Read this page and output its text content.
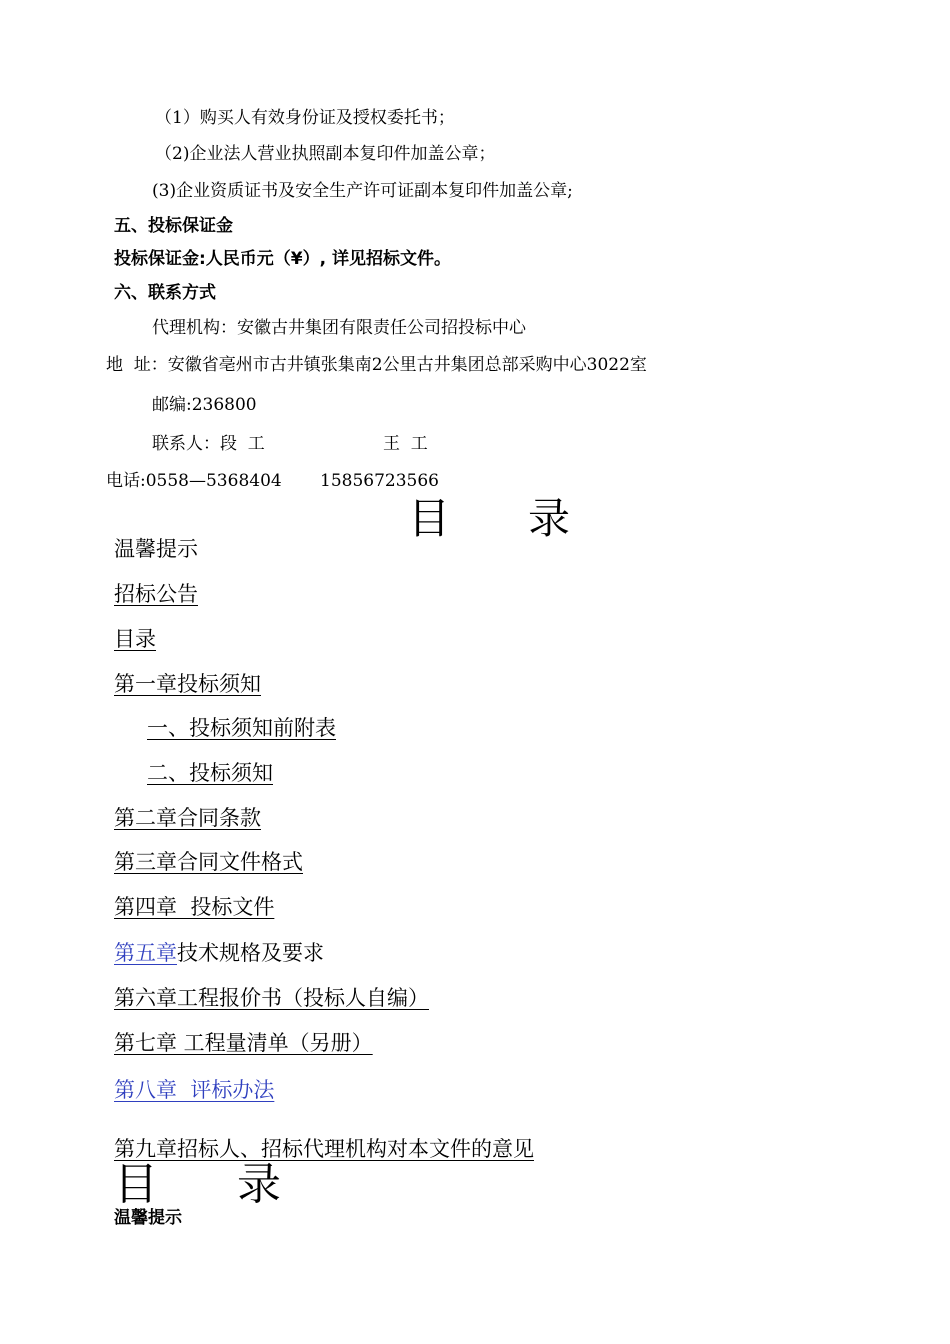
（1）购买人有效身份证及授权委托书；
（2)企业法人营业执照副本复印件加盖公章；
(3)企业资质证书及安全生产许可证副本复印件加盖公章;
五、投标保证金
投标保证金:人民币元（¥）, 详见招标文件。
六、联系方式
代理机构：安徽古井集团有限责任公司招投标中心
地  址：安徽省亳州市古井镇张集南2公里古井集团总部采购中心3022室
邮编:236800
联系人：段  工	王  工
电话:0558—5368404 15856723566
目 录
温馨提示
招标公告
目录
第一章投标须知
一、投标须知前附表
二、投标须知
第二章合同条款
第三章合同文件格式
第四章  投标文件
第五章技术规格及要求
第六章工程报价书（投标人自编）
第七章 工程量清单（另册）
第八章  评标办法
第九章招标人、招标代理机构对本文件的意见
目 录
温馨提示
